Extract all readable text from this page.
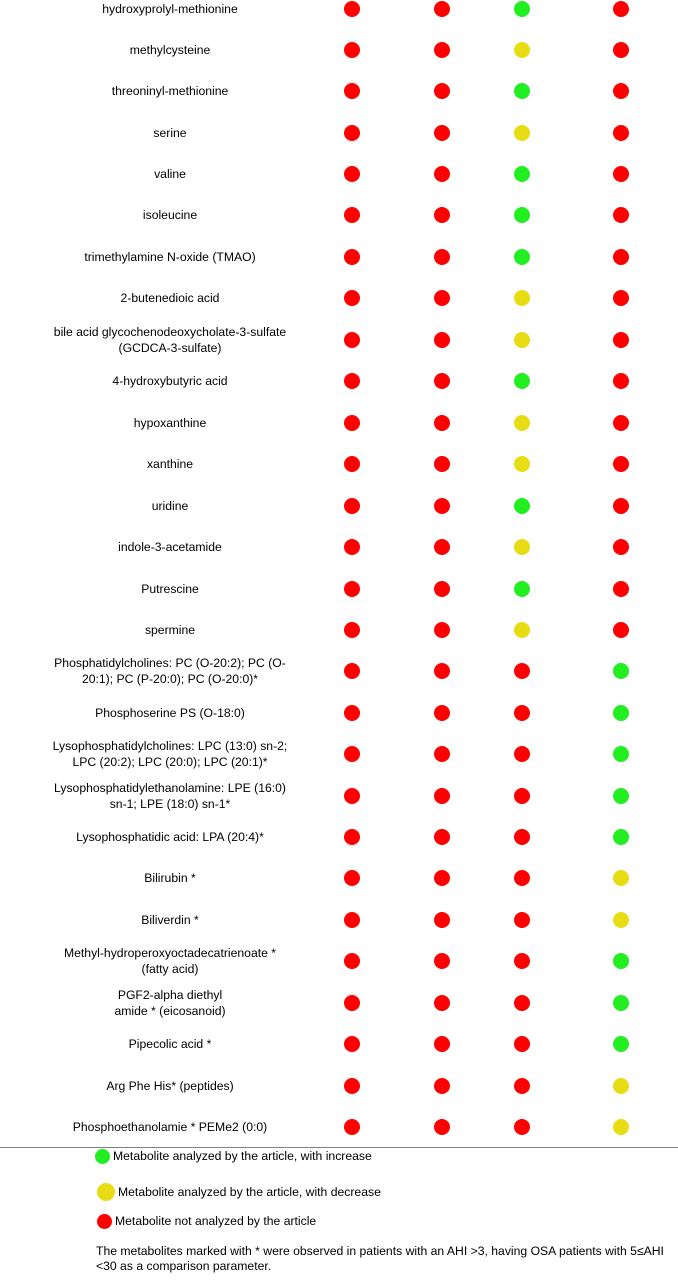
hydroxyprolyl-methionine
methylcysteine
threoninyl-methionine
serine
valine
isoleucine
trimethylamine N-oxide (TMAO)
2-butenedioic acid
bile acid glycochenodeoxycholate-3-sulfate
(GCDCA-3-sulfate)
4-hydroxybutyric acid
hypoxanthine
xanthine
uridine
indole-3-acetamide
Putrescine
spermine
Phosphatidylcholines: PC (O-20:2); PC (O-
20:1); PC (P-20:0); PC (O-20:0)*
Phosphoserine PS (O-18:0)
Lysophosphatidylcholines: LPC (13:0) sn-2;
LPC (20:2); LPC (20:0); LPC (20:1)*
Lysophosphatidylethanolamine: LPE (16:0)
sn-1; LPE (18:0) sn-1*
Lysophosphatidic acid: LPA (20:4)*
Bilirubin *
Biliverdin *
Methyl-hydroperoxyoctadecatrienoate *
(fatty acid)
PGF2-alpha diethyl
amide * (eicosanoid)
Pipecolic acid *
Arg Phe His* (peptides)
Phosphoethanolamie * PEMe2 (0:0)
Metabolite analyzed by the article, with increase
Metabolite analyzed by the article, with decrease
Metabolite not analyzed by the article
The metabolites marked with * were observed in patients with an AHI >3, having OSA patients with 5≤AHI <30 as a comparison parameter.
